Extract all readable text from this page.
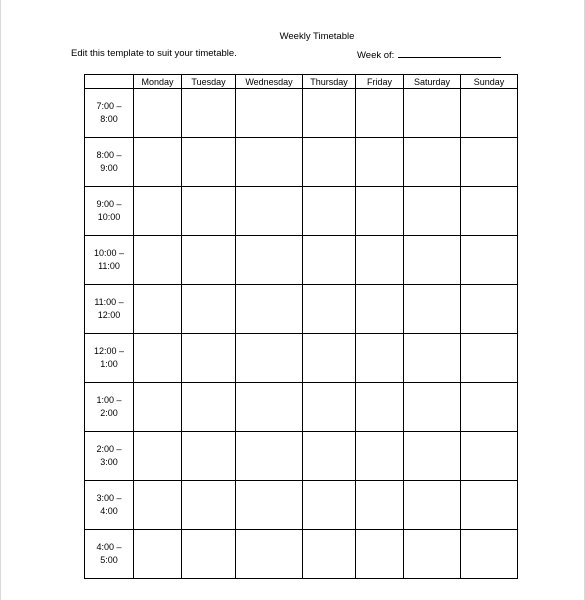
Weekly Timetable
Edit this template to suit your timetable.	Week of:
	Monday	Tuesday	Wednesday	Thursday	Friday	Saturday	Sunday
7:00 –
8:00							
8:00 –
9:00							
9:00 –
10:00							
10:00 –
11:00							
11:00 –
12:00							
12:00 –
1:00							
1:00 –
2:00							
2:00 –
3:00							
3:00 –
4:00							
4:00 –
5:00							
